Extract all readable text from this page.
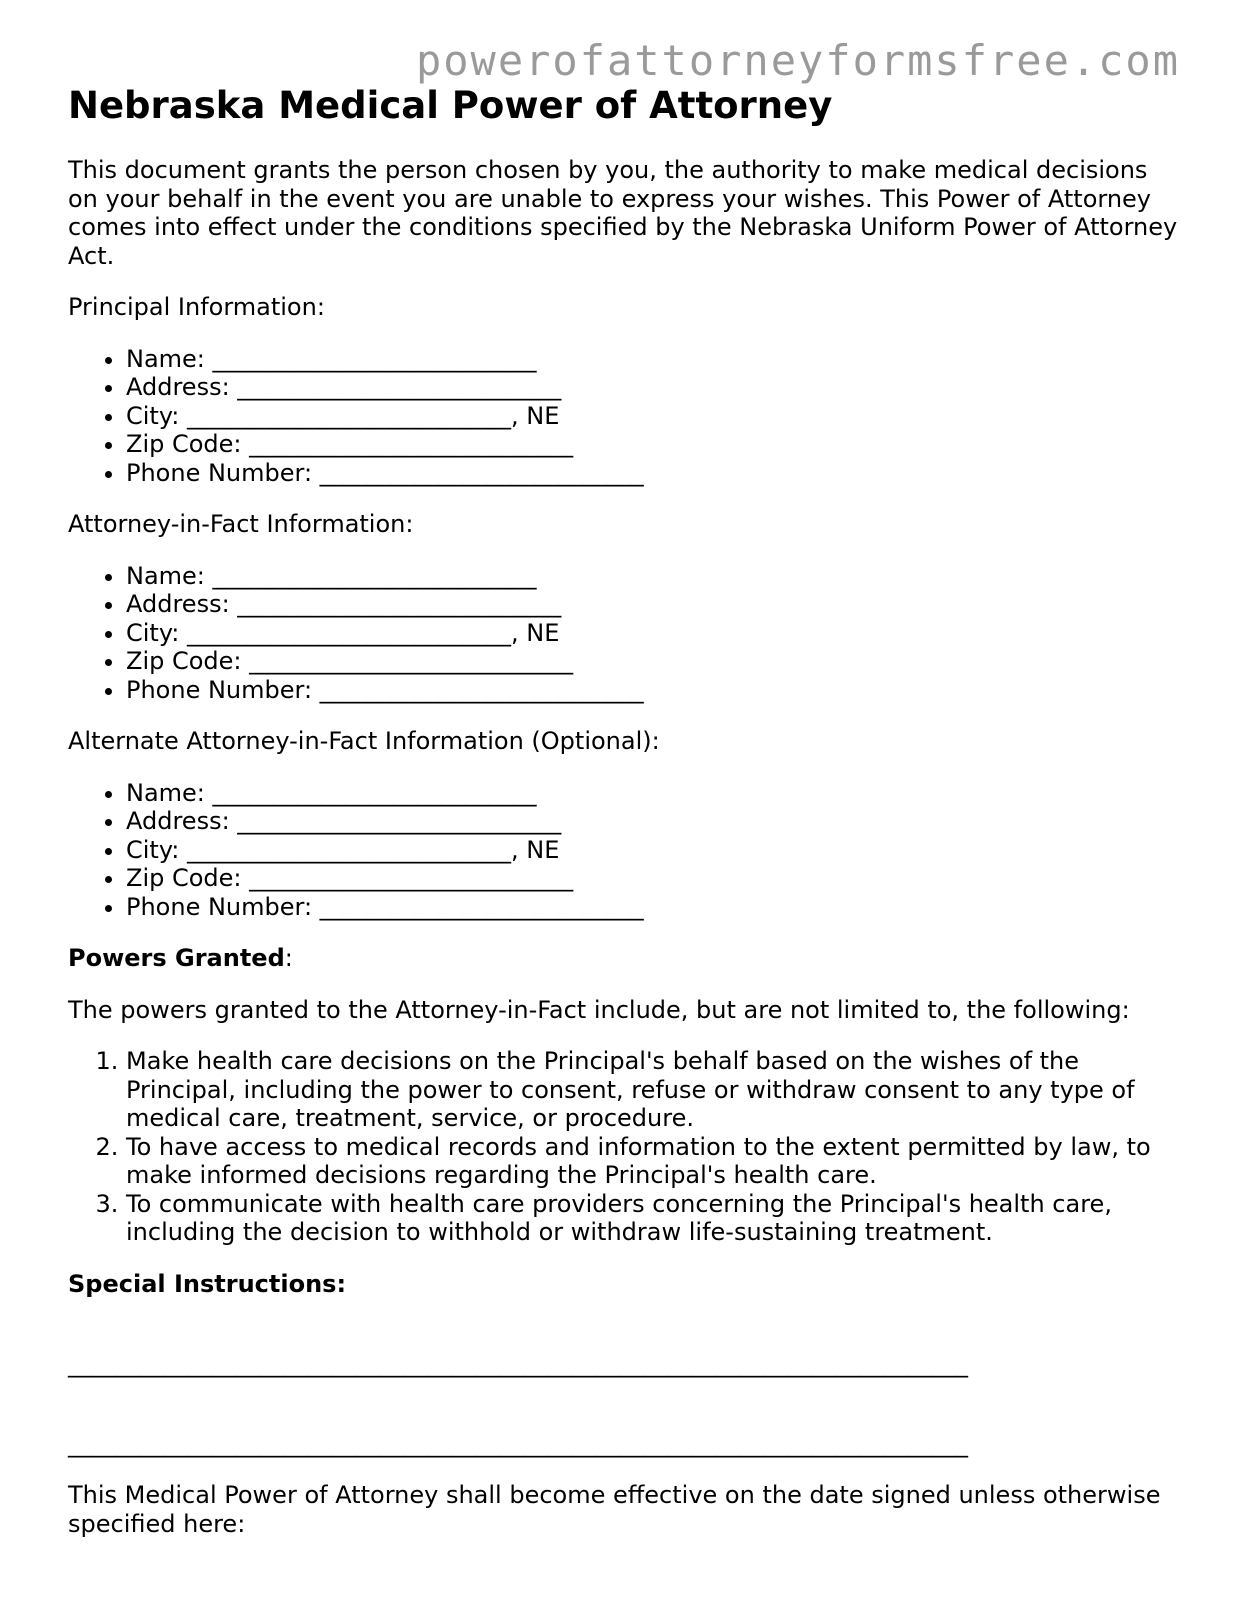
powerofattorneyformsfree.com
Nebraska Medical Power of Attorney

This document grants the person chosen by you, the authority to make medical decisions on your behalf in the event you are unable to express your wishes. This Power of Attorney comes into effect under the conditions specified by the Nebraska Uniform Power of Attorney Act.

Principal Information:

• Name: ___________________________
• Address: ___________________________
• City: ___________________________, NE
• Zip Code: ___________________________
• Phone Number: ___________________________

Attorney-in-Fact Information:

• Name: ___________________________
• Address: ___________________________
• City: ___________________________, NE
• Zip Code: ___________________________
• Phone Number: ___________________________

Alternate Attorney-in-Fact Information (Optional):

• Name: ___________________________
• Address: ___________________________
• City: ___________________________, NE
• Zip Code: ___________________________
• Phone Number: ___________________________

Powers Granted:

The powers granted to the Attorney-in-Fact include, but are not limited to, the following:

1. Make health care decisions on the Principal's behalf based on the wishes of the Principal, including the power to consent, refuse or withdraw consent to any type of medical care, treatment, service, or procedure.
2. To have access to medical records and information to the extent permitted by law, to make informed decisions regarding the Principal's health care.
3. To communicate with health care providers concerning the Principal's health care, including the decision to withhold or withdraw life-sustaining treatment.

Special Instructions:

___________________________________________________________________________

___________________________________________________________________________

This Medical Power of Attorney shall become effective on the date signed unless otherwise specified here:
